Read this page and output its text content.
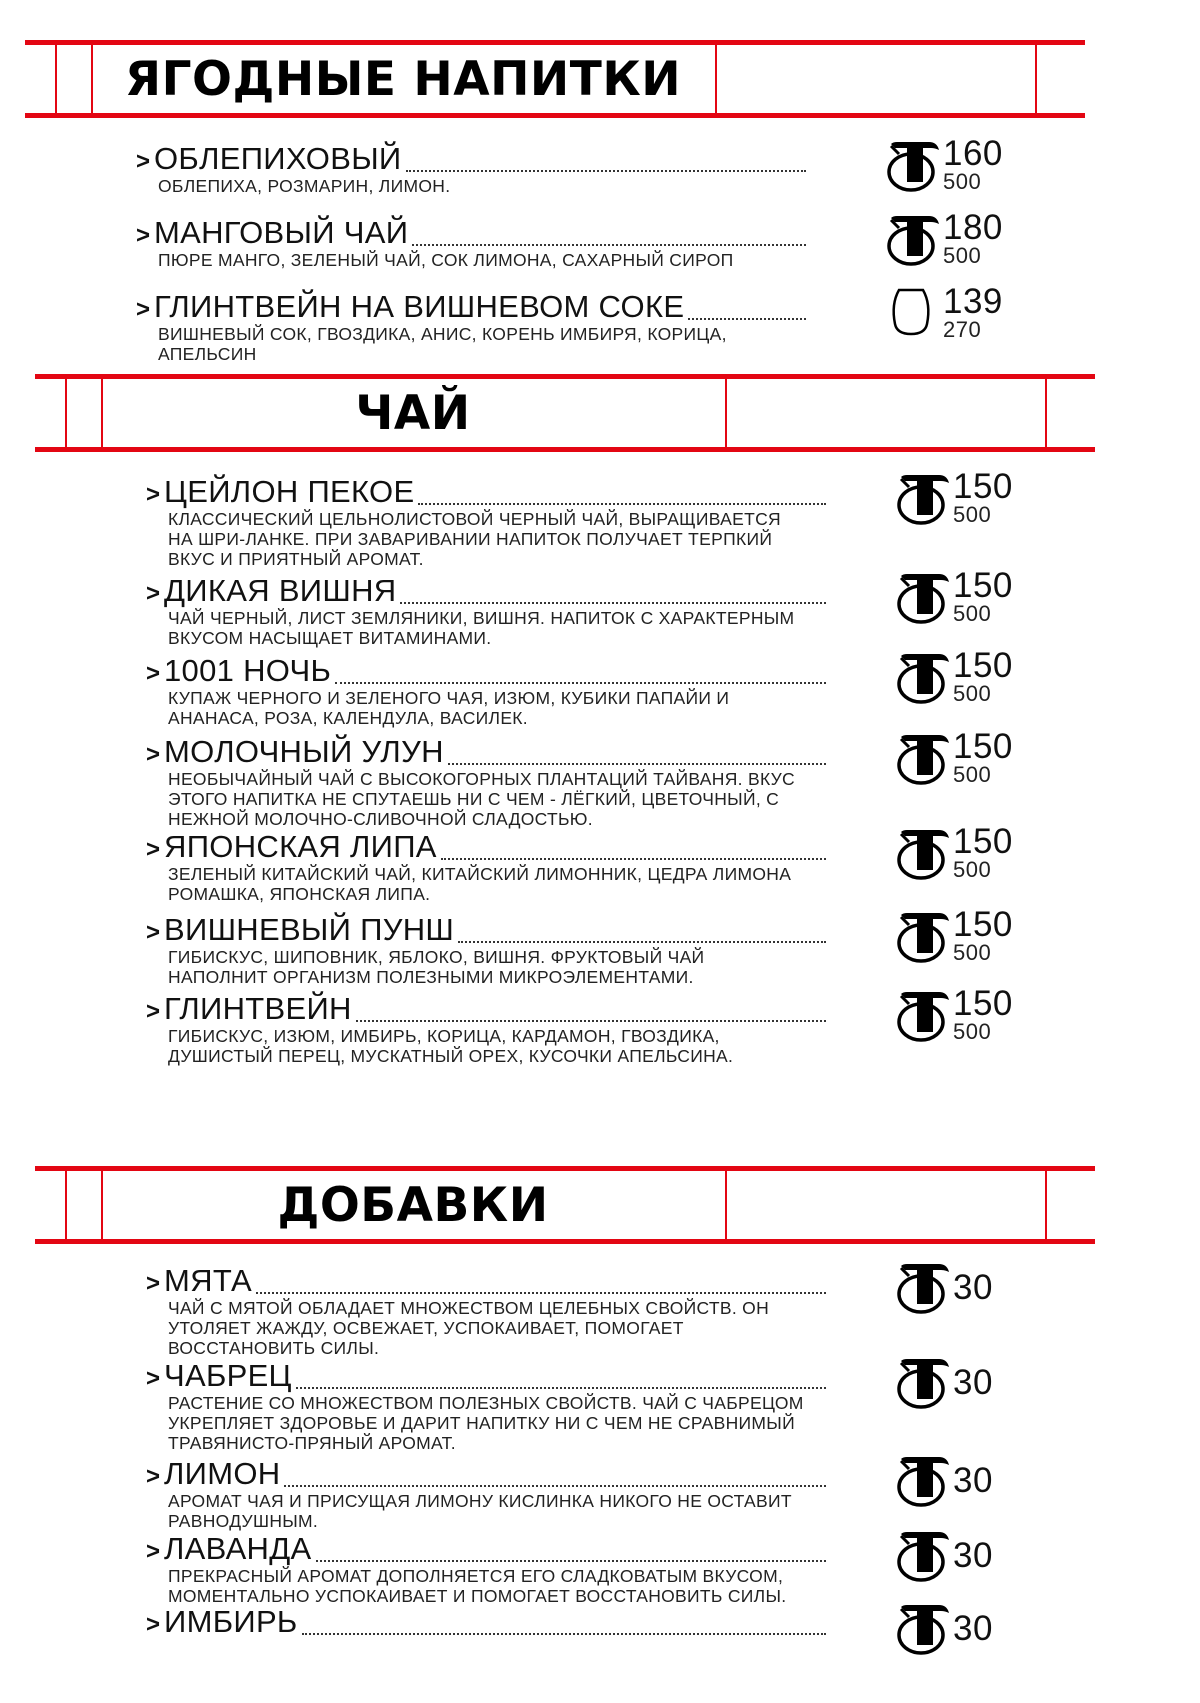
ЯГОДНЫЕ НАПИТКИ
ЧАЙ
ДОБАВКИ
> ОБЛЕПИХОВЫЙ
ОБЛЕПИХА, РОЗМАРИН, ЛИМОН.
160
500
> МАНГОВЫЙ ЧАЙ
ПЮРЕ МАНГО, ЗЕЛЕНЫЙ ЧАЙ, СОК ЛИМОНА, САХАРНЫЙ СИРОП
180
500
> ГЛИНТВЕЙН НА ВИШНЕВОМ СОКЕ
ВИШНЕВЫЙ СОК, ГВОЗДИКА, АНИС, КОРЕНЬ ИМБИРЯ, КОРИЦА, АПЕЛЬСИН
139
270
> ЦЕЙЛОН ПЕКОЕ
КЛАССИЧЕСКИЙ ЦЕЛЬНОЛИСТОВОЙ ЧЕРНЫЙ ЧАЙ, ВЫРАЩИВАЕТСЯ НА ШРИ-ЛАНКЕ. ПРИ ЗАВАРИВАНИИ НАПИТОК ПОЛУЧАЕТ ТЕРПКИЙ ВКУС И ПРИЯТНЫЙ АРОМАТ.
150
500
> ДИКАЯ ВИШНЯ
ЧАЙ ЧЕРНЫЙ, ЛИСТ ЗЕМЛЯНИКИ, ВИШНЯ. НАПИТОК С ХАРАКТЕРНЫМ ВКУСОМ НАСЫЩАЕТ ВИТАМИНАМИ.
150
500
> 1001 НОЧЬ
КУПАЖ ЧЕРНОГО И ЗЕЛЕНОГО ЧАЯ, ИЗЮМ, КУБИКИ ПАПАЙИ И АНАНАСА, РОЗА, КАЛЕНДУЛА, ВАСИЛЕК.
150
500
> МОЛОЧНЫЙ УЛУН
НЕОБЫЧАЙНЫЙ ЧАЙ С ВЫСОКОГОРНЫХ ПЛАНТАЦИЙ ТАЙВАНЯ. ВКУС ЭТОГО НАПИТКА НЕ СПУТАЕШЬ НИ С ЧЕМ - ЛЁГКИЙ, ЦВЕТОЧНЫЙ, С НЕЖНОЙ МОЛОЧНО-СЛИВОЧНОЙ СЛАДОСТЬЮ.
150
500
> ЯПОНСКАЯ ЛИПА
ЗЕЛЕНЫЙ КИТАЙСКИЙ ЧАЙ, КИТАЙСКИЙ ЛИМОННИК, ЦЕДРА ЛИМОНА РОМАШКА, ЯПОНСКАЯ ЛИПА.
150
500
> ВИШНЕВЫЙ ПУНШ
ГИБИСКУС, ШИПОВНИК, ЯБЛОКО, ВИШНЯ. ФРУКТОВЫЙ ЧАЙ НАПОЛНИТ ОРГАНИЗМ ПОЛЕЗНЫМИ МИКРОЭЛЕМЕНТАМИ.
150
500
> ГЛИНТВЕЙН
ГИБИСКУС, ИЗЮМ, ИМБИРЬ, КОРИЦА, КАРДАМОН, ГВОЗДИКА, ДУШИСТЫЙ ПЕРЕЦ, МУСКАТНЫЙ ОРЕХ, КУСОЧКИ АПЕЛЬСИНА.
150
500
> МЯТА
ЧАЙ С МЯТОЙ ОБЛАДАЕТ МНОЖЕСТВОМ ЦЕЛЕБНЫХ СВОЙСТВ. ОН УТОЛЯЕТ ЖАЖДУ, ОСВЕЖАЕТ, УСПОКАИВАЕТ, ПОМОГАЕТ ВОССТАНОВИТЬ СИЛЫ.
30
> ЧАБРЕЦ
РАСТЕНИЕ СО МНОЖЕСТВОМ ПОЛЕЗНЫХ СВОЙСТВ. ЧАЙ С ЧАБРЕЦОМ УКРЕПЛЯЕТ ЗДОРОВЬЕ И ДАРИТ НАПИТКУ НИ С ЧЕМ НЕ СРАВНИМЫЙ ТРАВЯНИСТО-ПРЯНЫЙ АРОМАТ.
30
> ЛИМОН
АРОМАТ ЧАЯ И ПРИСУЩАЯ ЛИМОНУ КИСЛИНКА НИКОГО НЕ ОСТАВИТ РАВНОДУШНЫМ.
30
> ЛАВАНДА
ПРЕКРАСНЫЙ АРОМАТ ДОПОЛНЯЕТСЯ ЕГО СЛАДКОВАТЫМ ВКУСОМ, МОМЕНТАЛЬНО УСПОКАИВАЕТ И ПОМОГАЕТ ВОССТАНОВИТЬ СИЛЫ.
30
> ИМБИРЬ	30
